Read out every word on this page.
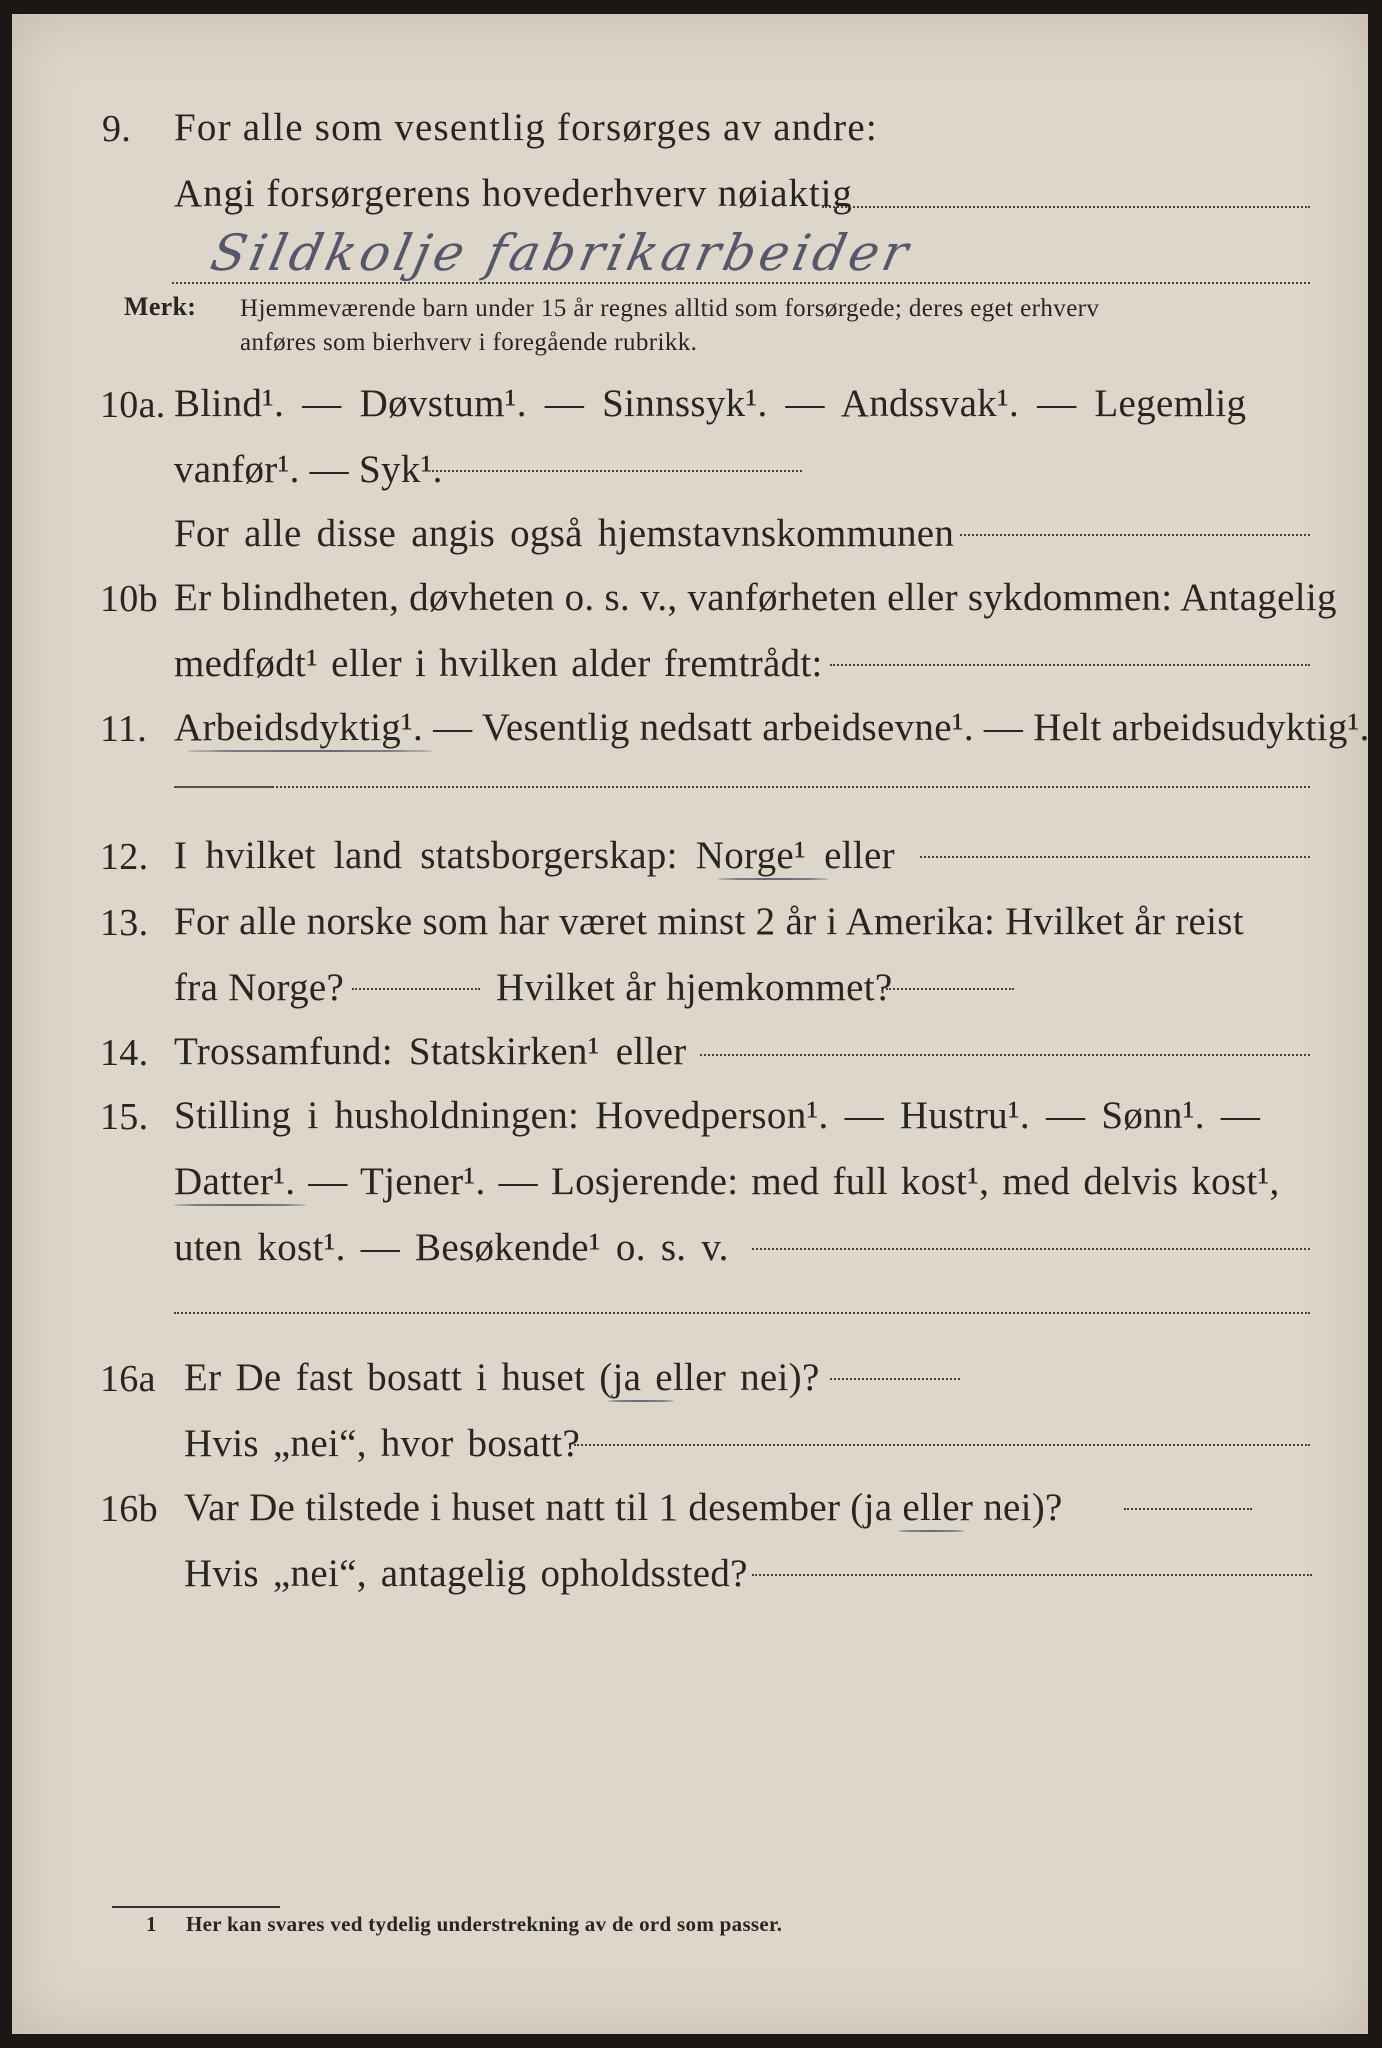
9. For alle som vesentlig forsørges av andre:
Angi forsørgerens hovederhverv nøiaktig
Sildkolje fabrikarbeider
Merk: Hjemmeværende barn under 15 år regnes alltid som forsørgede; deres eget erhverv
anføres som bierhverv i foregående rubrikk.
10a. Blind¹. — Døvstum¹. — Sinnssyk¹. — Andssvak¹. — Legemlig
vanfør¹. — Syk¹.
For alle disse angis også hjemstavnskommunen
10b Er blindheten, døvheten o. s. v., vanførheten eller sykdommen: Antagelig
medfødt¹ eller i hvilken alder fremtrådt:
11. Arbeidsdyktig¹. — Vesentlig nedsatt arbeidsevne¹. — Helt arbeidsudyktig¹.
12. I hvilket land statsborgerskap: Norge¹ eller
13. For alle norske som har været minst 2 år i Amerika: Hvilket år reist
fra Norge?	Hvilket år hjemkommet?
14. Trossamfund: Statskirken¹ eller
15. Stilling i husholdningen: Hovedperson¹. — Hustru¹. — Sønn¹. —
Datter¹. — Tjener¹. — Losjerende: med full kost¹, med delvis kost¹,
uten kost¹. — Besøkende¹ o. s. v.
16a Er De fast bosatt i huset (ja eller nei)?
Hvis „nei“, hvor bosatt?
16b Var De tilstede i huset natt til 1 desember (ja eller nei)?
Hvis „nei“, antagelig opholdssted?
1 Her kan svares ved tydelig understrekning av de ord som passer.
